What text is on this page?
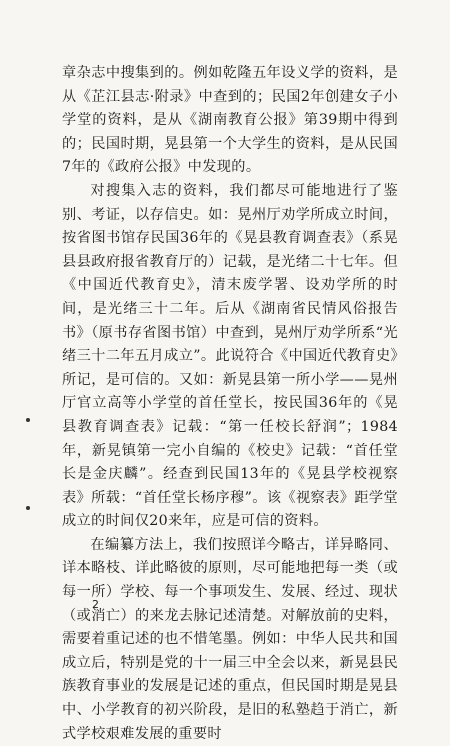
章杂志中搜集到的。例如乾隆五年设义学的资料，是从《芷江县志·附录》中查到的；民国2年创建女子小学堂的资料，是从《湖南教育公报》第39期中得到的；民国时期，晃县第一个大学生的资料，是从民国7年的《政府公报》中发现的。

对搜集入志的资料，我们都尽可能地进行了鉴别、考证，以存信史。如：晃州厅劝学所成立时间，按省图书馆存民国36年的《晃县教育调查表》（系晃县县政府报省教育厅的）记载，是光绪二十七年。但《中国近代教育史》，清末废学署、设劝学所的时间，是光绪三十二年。后从《湖南省民情风俗报告书》（原书存省图书馆）中查到，晃州厅劝学所系“光绪三十二年五月成立”。此说符合《中国近代教育史》所记，是可信的。又如：新晃县第一所小学——晃州厅官立高等小学堂的首任堂长，按民国36年的《晃县教育调查表》记载：“第一任校长舒润”；1984年，新晃镇第一完小自编的《校史》记载：“首任堂长是金庆麟”。经查到民国13年的《晃县学校视察表》所载：“首任堂长杨序穆”。该《视察表》距学堂成立的时间仅20来年，应是可信的资料。

在编纂方法上，我们按照详今略古，详异略同、详本略枝、详此略彼的原则，尽可能地把每一类（或每一所）学校、每一个事项发生、发展、经过、现状（或消亡）的来龙去脉记述清楚。对解放前的史料，需要着重记述的也不惜笔墨。例如：中华人民共和国成立后，特别是党的十一届三中全会以来，新晃县民族教育事业的发展是记述的重点，但民国时期是晃县中、小学教育的初兴阶段，是旧的私塾趋于消亡，新式学校艰难发展的重要时

2
